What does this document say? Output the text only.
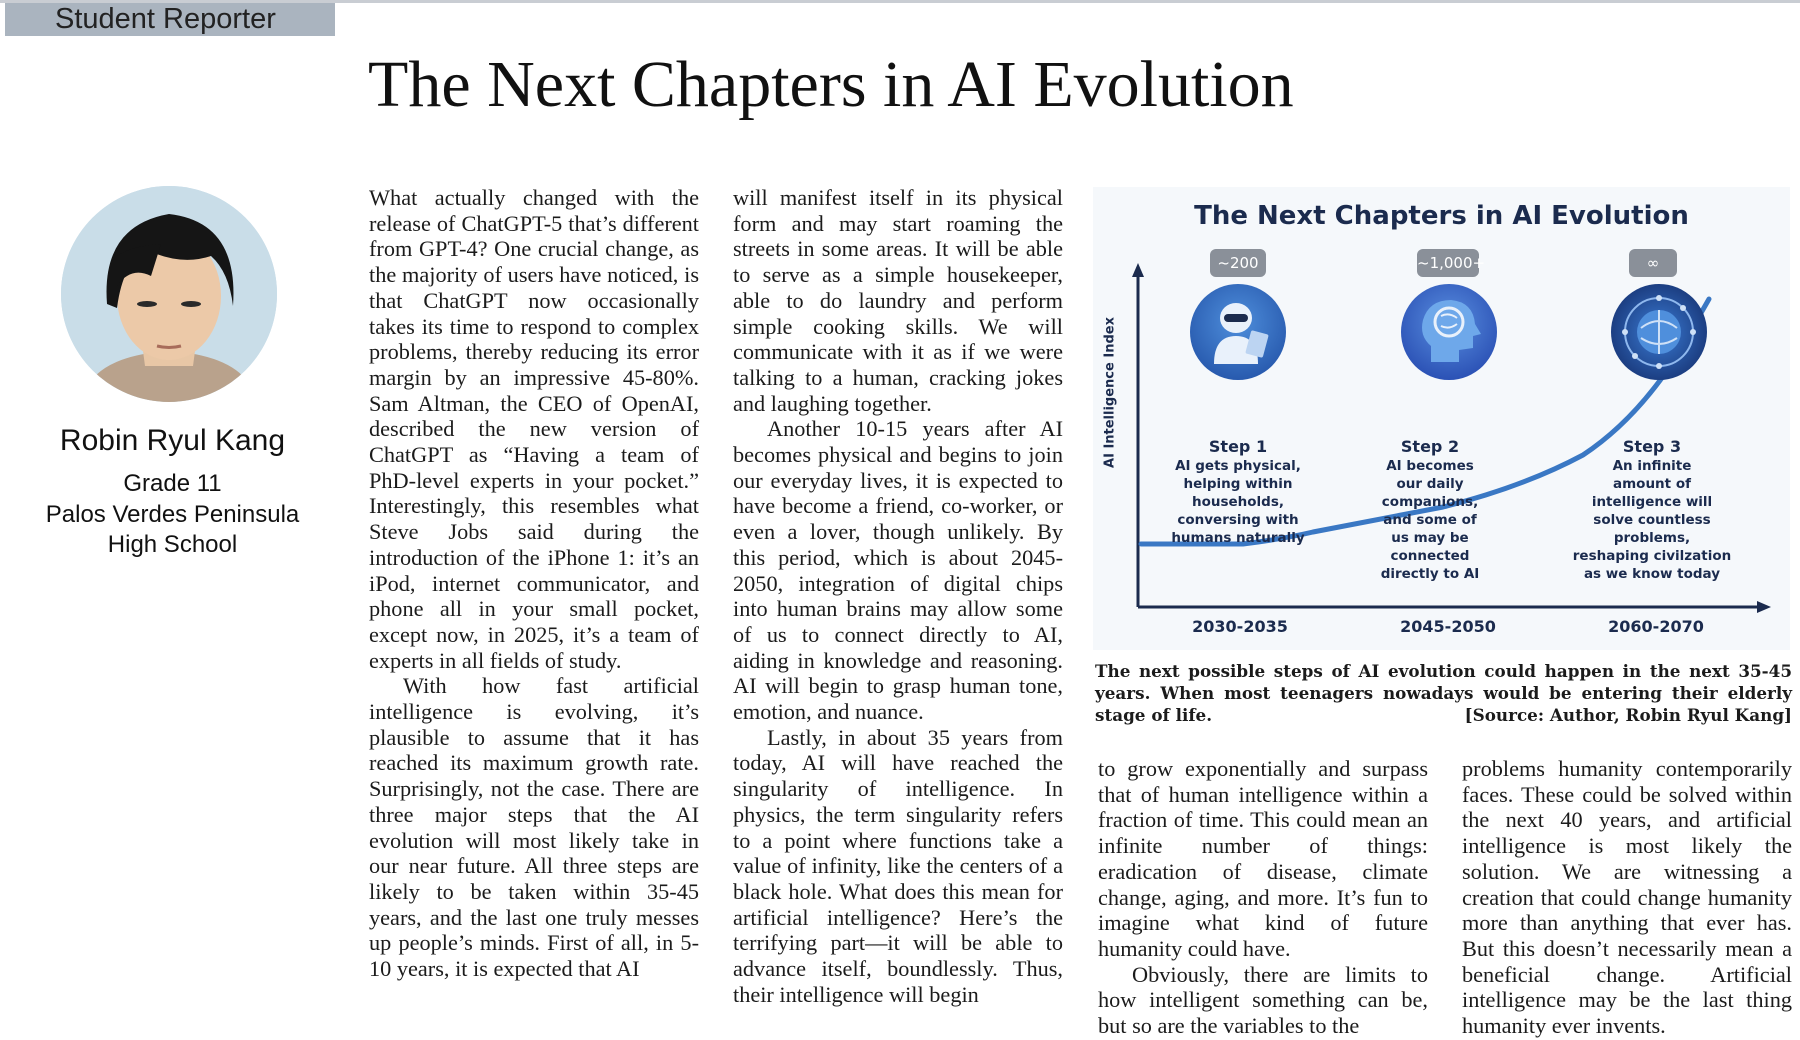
Student Reporter
The Next Chapters in AI Evolution
Robin Ryul Kang
Grade 11
Palos Verdes Peninsula
High School

What actually changed with the release of ChatGPT-5 that’s different from GPT-4? One crucial change, as the majority of users have noticed, is that ChatGPT now occasionally takes its time to respond to complex problems, thereby reducing its error margin by an impressive 45-80%. Sam Altman, the CEO of OpenAI, described the new version of ChatGPT as “Having a team of PhD-level experts in your pocket.” Interestingly, this resembles what Steve Jobs said during the introduction of the iPhone 1: it’s an iPod, internet communicator, and phone all in your small pocket, except now, in 2025, it’s a team of experts in all fields of study.

With how fast artificial intelligence is evolving, it’s plausible to assume that it has reached its maximum growth rate. Surprisingly, not the case. There are three major steps that the AI evolution will most likely take in our near future. All three steps are likely to be taken within 35-45 years, and the last one truly messes up people’s minds. First of all, in 5-10 years, it is expected that AI

will manifest itself in its physical form and may start roaming the streets in some areas. It will be able to serve as a simple housekeeper, able to do laundry and perform simple cooking skills. We will communicate with it as if we were talking to a human, cracking jokes and laughing together.

Another 10-15 years after AI becomes physical and begins to join our everyday lives, it is expected to have become a friend, co-worker, or even a lover, though unlikely. By this period, which is about 2045-2050, integration of digital chips into human brains may allow some of us to connect directly to AI, aiding in knowledge and reasoning. AI will begin to grasp human tone, emotion, and nuance.

Lastly, in about 35 years from today, AI will have reached the singularity of intelligence. In physics, the term singularity refers to a point where functions take a value of infinity, like the centers of a black hole. What does this mean for artificial intelligence? Here’s the terrifying part—it will be able to advance itself, boundlessly. Thus, their intelligence will begin

to grow exponentially and surpass that of human intelligence within a fraction of time. This could mean an infinite number of things: eradication of disease, climate change, aging, and more. It’s fun to imagine what kind of future humanity could have.

Obviously, there are limits to how intelligent something can be, but so are the variables to the

problems humanity contemporarily faces. These could be solved within the next 40 years, and artificial intelligence is most likely the solution. We are witnessing a creation that could change humanity more than anything that ever has. But this doesn’t necessarily mean a beneficial change. Artificial intelligence may be the last thing humanity ever invents.

The Next Chapters in AI Evolution
AI Intelligence Index
~200	~1,000+	∞
Step 1
AI gets physical,
helping within
households,
conversing with
humans naturally
Step 2
AI becomes
our daily
companions,
and some of
us may be
connected
directly to AI
Step 3
An infinite
amount of
intelligence will
solve countless
problems,
reshaping civilzation
as we know today
2030-2035	2045-2050	2060-2070

The next possible steps of AI evolution could happen in the next 35-45 years. When most teenagers nowadays would be entering their elderly stage of life.	[Source: Author, Robin Ryul Kang]
